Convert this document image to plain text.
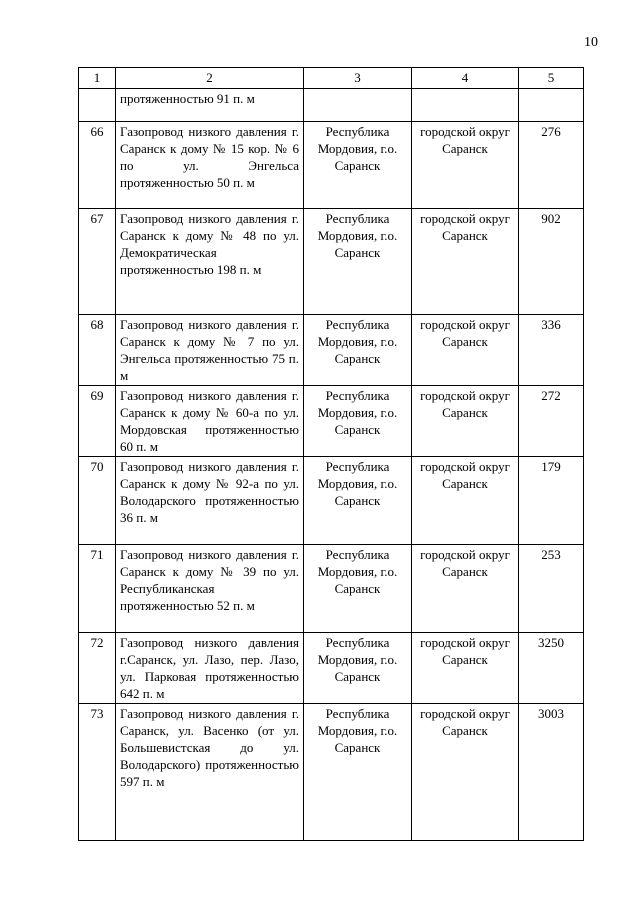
10
1	2	3	4	5
	протяженностью 91 п. м			
66	Газопровод низкого давления г. Саранск к дому № 15 кор. № 6 по ул. Энгельса протяженностью 50 п. м	Республика Мордовия, г.о. Саранск	городской округ Саранск	276
67	Газопровод низкого давления г. Саранск к дому № 48 по ул. Демократическая протяженностью 198 п. м	Республика Мордовия, г.о. Саранск	городской округ Саранск	902
68	Газопровод низкого давления г. Саранск к дому № 7 по ул. Энгельса протяженностью 75 п. м	Республика Мордовия, г.о. Саранск	городской округ Саранск	336
69	Газопровод низкого давления г. Саранск к дому № 60-а по ул. Мордовская протяженностью 60 п. м	Республика Мордовия, г.о. Саранск	городской округ Саранск	272
70	Газопровод низкого давления г. Саранск к дому № 92-а по ул. Володарского протяженностью 36 п. м	Республика Мордовия, г.о. Саранск	городской округ Саранск	179
71	Газопровод низкого давления г. Саранск к дому № 39 по ул. Республиканская протяженностью 52 п. м	Республика Мордовия, г.о. Саранск	городской округ Саранск	253
72	Газопровод низкого давления г.Саранск, ул. Лазо, пер. Лазо, ул. Парковая протяженностью 642 п. м	Республика Мордовия, г.о. Саранск	городской округ Саранск	3250
73	Газопровод низкого давления г. Саранск, ул. Васенко (от ул. Большевистская до ул. Володарского) протяженностью 597 п. м	Республика Мордовия, г.о. Саранск	городской округ Саранск	3003
